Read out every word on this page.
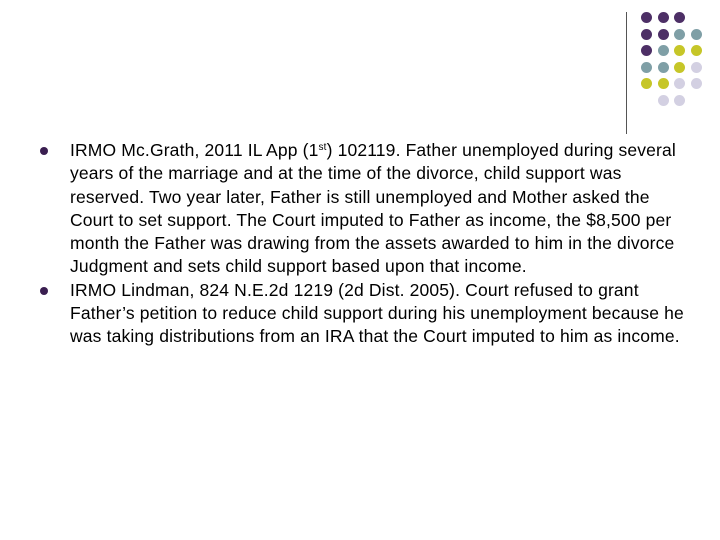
IRMO Mc.Grath, 2011 IL App (1st) 102119. Father unemployed during several years of the marriage and at the time of the divorce, child support was reserved. Two year later, Father is still unemployed and Mother asked the Court to set support. The Court imputed to Father as income, the $8,500 per month the Father was drawing from the assets awarded to him in the divorce Judgment and sets child support based upon that income.
IRMO Lindman, 824 N.E.2d 1219 (2d Dist. 2005). Court refused to grant Father’s petition to reduce child support during his unemployment because he was taking distributions from an IRA that the Court imputed to him as income.
